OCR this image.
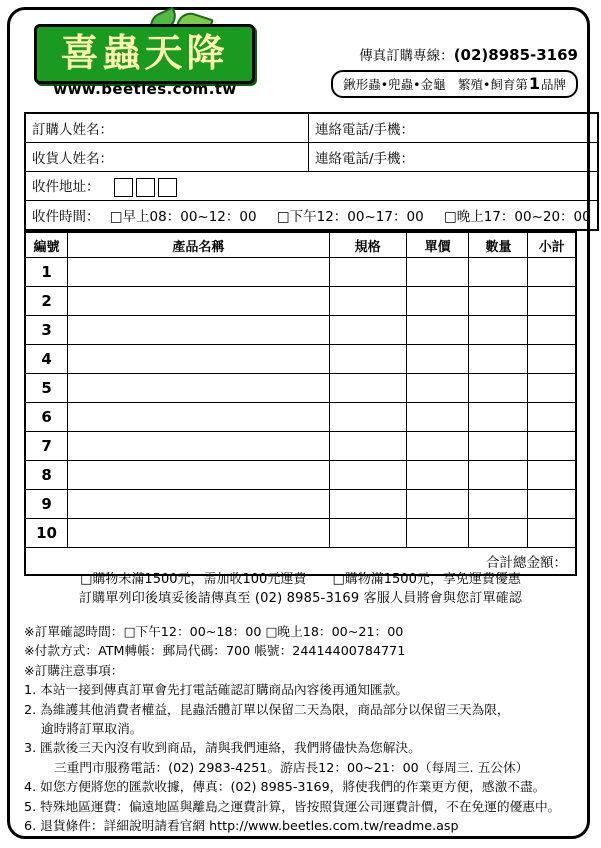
喜蟲天降
www.beetles.com.tw
傳真訂購專線：(02)8985-3169
鍬形蟲•兜蟲•金龜　繁殖•飼育第1品牌
訂購人姓名：	連絡電話/手機：
收貨人姓名：	連絡電話/手機：
收件地址：	
收件時間： □早上08：00~12：00 □下午12：00~17：00 □晚上17：00~20：00	
編號	產品名稱	規格	單價	數量	小計
1					
2					
3					
4					
5					
6					
7					
8					
9					
10					
合計總金額：					
□購物未滿1500元，需加收100元運費 □購物滿1500元，享免運費優惠
訂購單列印後填妥後請傳真至 (02) 8985-3169 客服人員將會與您訂單確認
※訂單確認時間：□下午12：00~18：00 □晚上18：00~21：00
※付款方式：ATM轉帳：郵局代碼：700 帳號：24414400784771
※訂購注意事項：
1. 本站一接到傳真訂單會先打電話確認訂購商品內容後再通知匯款。
2. 為維護其他消費者權益，昆蟲活體訂單以保留二天為限，商品部分以保留三天為限，
逾時將訂單取消。
3. 匯款後三天內沒有收到商品，請與我們連絡，我們將儘快為您解決。
三重門市服務電話：(02) 2983-4251。游店長12：00~21：00（每周三. 五公休）
4. 如您方便將您的匯款收據，傳真：(02) 8985-3169，將使我們的作業更方便，感激不盡。
5. 特殊地區運費：偏遠地區與離島之運費計算，皆按照貨運公司運費計價，不在免運的優惠中。
6. 退貨條件：詳細說明請看官網 http://www.beetles.com.tw/readme.asp
